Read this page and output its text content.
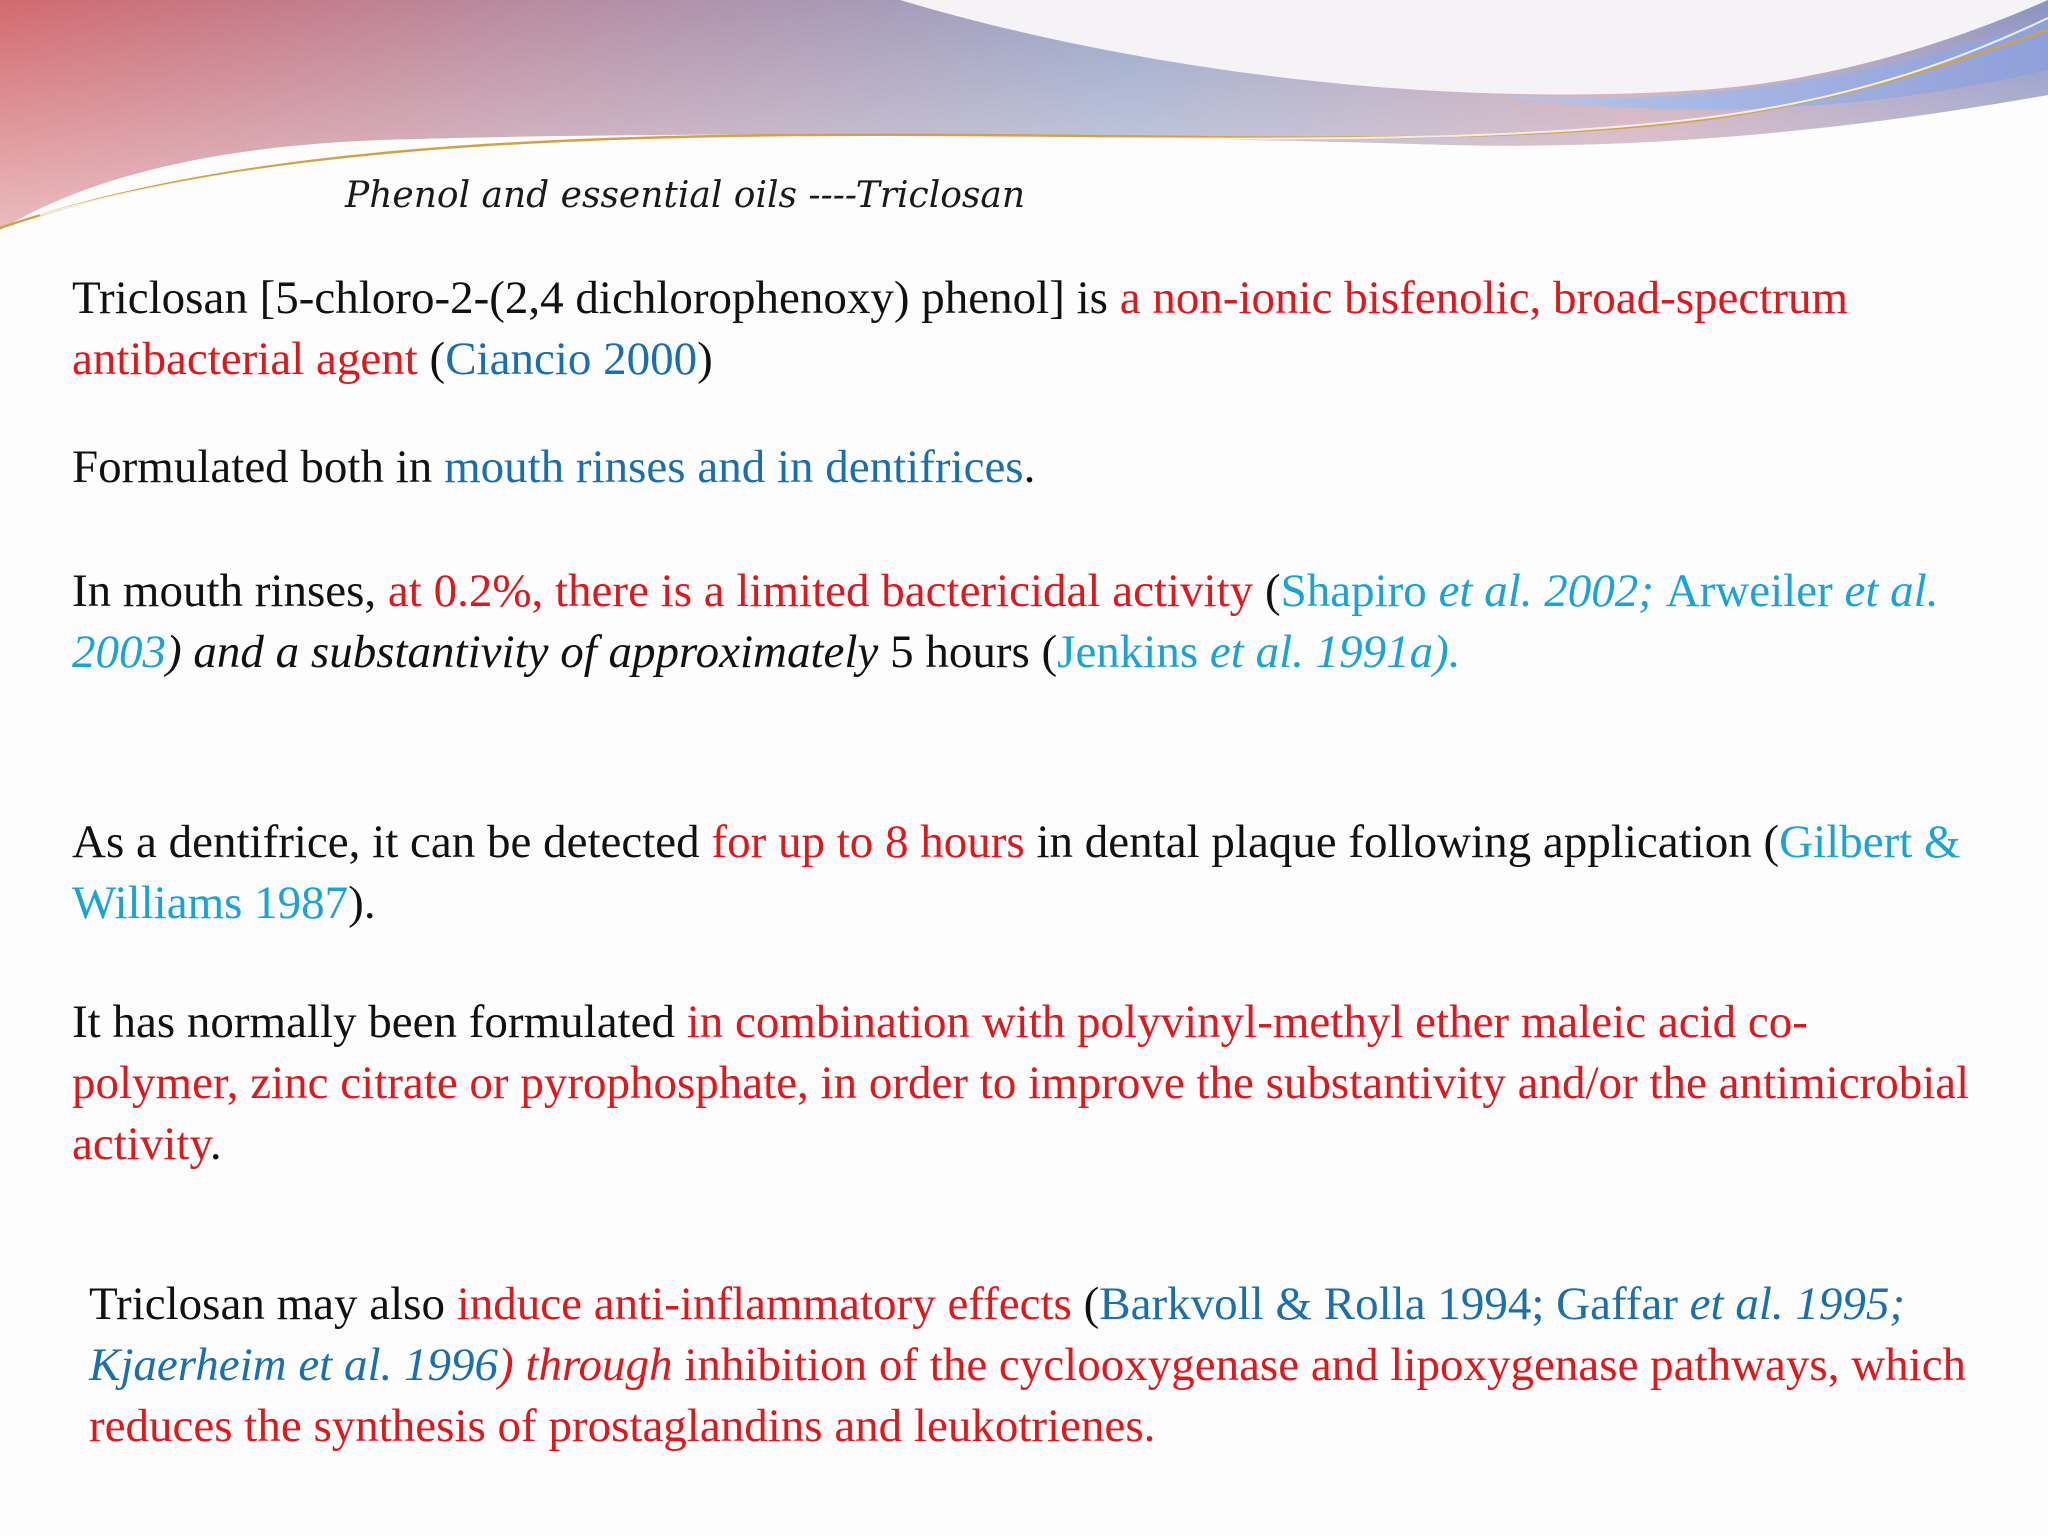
Phenol and essential oils ----Triclosan
Triclosan [5-chloro-2-(2,4 dichlorophenoxy) phenol] is a non-ionic bisfenolic, broad-spectrum antibacterial agent (Ciancio 2000)
Formulated both in mouth rinses and in dentifrices.
In mouth rinses, at 0.2%, there is a limited bactericidal activity (Shapiro et al. 2002; Arweiler et al. 2003) and a substantivity of approximately 5 hours (Jenkins et al. 1991a).
As a dentifrice, it can be detected for up to 8 hours in dental plaque following application (Gilbert & Williams 1987).
It has normally been formulated in combination with polyvinyl-methyl ether maleic acid co-polymer, zinc citrate or pyrophosphate, in order to improve the substantivity and/or the antimicrobial activity.
Triclosan may also induce anti-inflammatory effects (Barkvoll & Rolla 1994; Gaffar et al. 1995; Kjaerheim et al. 1996) through inhibition of the cyclooxygenase and lipoxygenase pathways, which reduces the synthesis of prostaglandins and leukotrienes.
